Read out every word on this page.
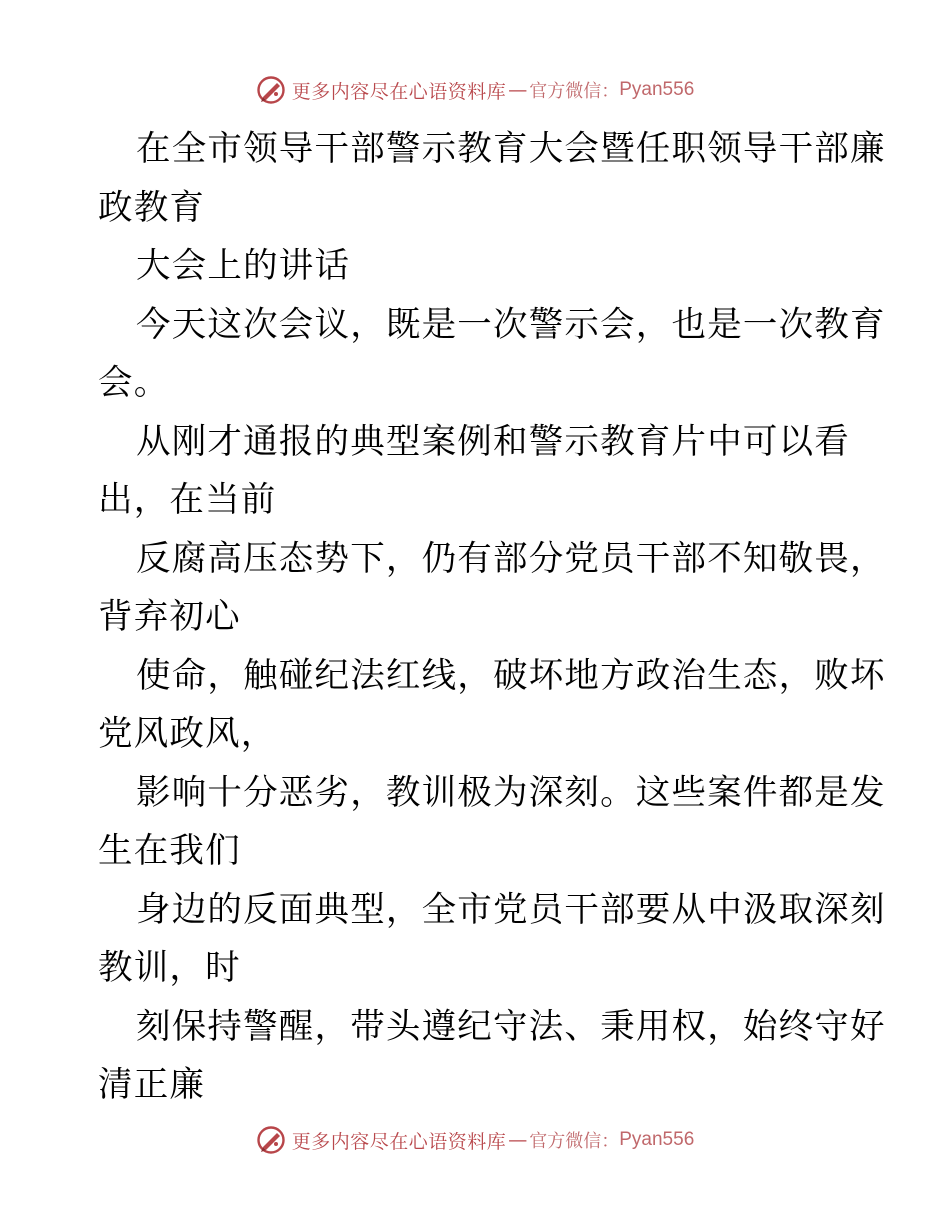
更多内容尽在心语资料库 — 官方微信： Pyan556
在全市领导干部警示教育大会暨任职领导干部廉
政教育
大会上的讲话
今天这次会议，既是一次警示会，也是一次教育
会。
从刚才通报的典型案例和警示教育片中可以看
出，在当前
反腐高压态势下，仍有部分党员干部不知敬畏，
背弃初心
使命，触碰纪法红线，破坏地方政治生态，败坏
党风政风，
影响十分恶劣，教训极为深刻。这些案件都是发
生在我们
身边的反面典型，全市党员干部要从中汲取深刻
教训，时
刻保持警醒，带头遵纪守法、秉用权，始终守好
清正廉
更多内容尽在心语资料库 — 官方微信： Pyan556
